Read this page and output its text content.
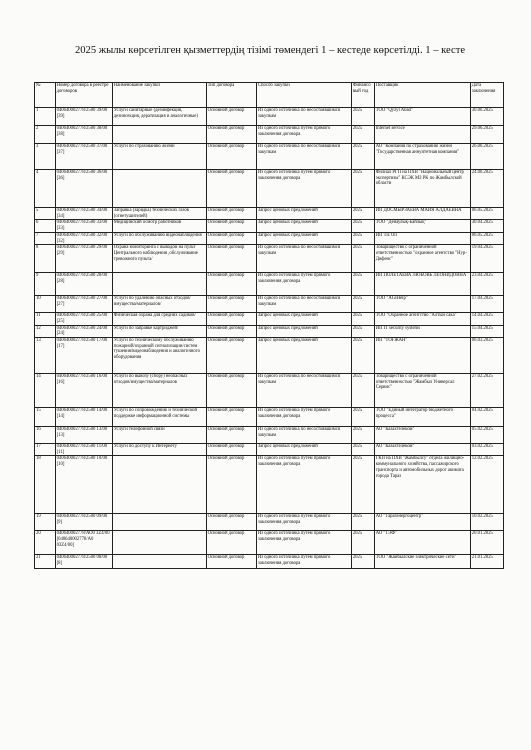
2025 жылы көрсетілген қызметтердің тізімі төмендегі 1 – кестеде көрсетілді. 1 – кесте
№	Номер договора в реестре договоров	Наименование закупки	Тип договора	Способ закупки	Финансовый год	Поставщик	Дата заключения
1	040640002778/2500 39/00 [39]	Услуги санитарные (дезинфекция, дезинсекция, дератизация и аналогичные)	Основной договор	Из одного источника по несостоявшимся закупкам	2025	ТОО "Qyzyl Abad"	30.06.2025
2	040640002778/2500 38/00 [38]		Основной договор	Из одного источника путем прямого заключения договора	2025	Internet service	29.06.2025
3	040640002778/2500 37/00 [37]	Услуги по страхованию жизни	Основной договор	Из одного источника по несостоявшимся закупкам	2025	АО "Компания по страхованию жизни "Государственная аннуитетная компания"	26.06.2025
4	040640002778/2500 36/00 [36]		Основной договор	Из одного источника путем прямого заключения договора	2025	Филиал РГП на ПХВ "Национальный центр экспертизы" КСЭК МЗ РК по Жамбылской области	24.06.2025
5	040640002778/2500 34/00 [34]	Заправка (зарядка) технических газов (огнетушителей)	Основной договор	Запрос ценовых предложений	2025	ИП ДОСМЫРЗАЕВА МАЙЯ АЛДАЕВНА	06.05.2025
6	040640002778/2500 33/00 [33]	Медицинский осмотр работников	Основной договор	Запрос ценовых предложений	2025	ТОО "Денаулық-Байлық"	30.04.2025
7	040640002778/2500 32/00 [32]	Услуги по обслуживанию видеонаблюдения	Основной договор	Запрос ценовых предложений	2025	ИП Tiz Oil	06.05.2025
8	040640002778/2500 29/00 [29]	Охрана мониторинга с выводом на пульт Центрального наблюдения ,обслуживание тревожного пульта/	Основной договор	Из одного источника по несостоявшимся закупкам	2025	Товарищество с ограниченной ответственностью "охранное агентство "Нур-Дифенс"	19.04.2025
9	040640002778/2500 28/00 [28]		Основной договор	Из одного источника путем прямого заключения договора	2025	ИП ПОЛЕТАЕВА ЛЮБОВЬ ЛЕОНИДОВНА	23.04.2025
10	040640002778/2500 27/00 [27]	Услуги по удалению опасных отходов/имущества/материалов/	Основной договор	Из одного источника по несостоявшимся закупкам	2025	ТОО "AGIHelp"	17.04.2025
11	040640002778/2500 25/00 [25]	Физическая охрана для средних садиков/	Основной договор	Запрос ценовых предложений	2025	ТОО "Охранное агентство "Алтын сака"	14.04.2025
12	040640002778/2500 24/00 [24]	Услуги по заправке картриджей/	Основной договор	Запрос ценовых предложений	2025	ИП IT security systems	15.04.2025
13	040640002778/2500 17/00 [17]	Услуги по техническому обслуживанию пожарной/охранной сигнализации/систем тушения/видеонаблюдения и аналогичного оборудования	Основной договор	Запрос ценовых предложений	2025	ИП "ТОҒЖАН"	06.03.2025
14	040640002778/2500 16/00 [16]	Услуги по вывозу (сбору) неопасных отходов/имущества/материалов	Основной договор	Из одного источника по несостоявшимся закупкам	2025	Товарищество с ограниченной ответственностью "Жамбыл Универсал Сервис"	27.02.2025
15	040640002778/2500 14/00 [14]	Услуги по сопровождению и технической поддержке информационной системы	Основной договор	Из одного источника путем прямого заключения договора	2025	ТОО "Единый интегратор бюджетного процесса"	04.02.2025
16	040640002778/2500 13/00 [13]	Услуги телефонной связи	Основной договор	Из одного источника по несостоявшимся закупкам	2025	АО "Казахтелеком"	05.02.2025
17	040640002778/2500 11/00 [11]	Услуги по доступу к Интернету	Основной договор	Запрос ценовых предложений	2025	АО "Казахтелеком"	03.02.2025
18	040640002778/2500 10/00 [10]		Основной договор	Из одного источника путем прямого заключения договора	2025	ГКП на ПХВ "Жамбылсу" отдела жилищно-коммунального хозяйства, пассажирского транспорта и автомобильных дорог акимата города Тараз	12.02.2025
19	040640002778/2500 09/00 [9]		Основной договор	Из одного источника путем прямого заключения договора	2025	АО "Таразэнергоцентр"	10.02.2025
20	040640002778/АО0 3Z4/00 [040640002778/А0 03Z4/00]		Основной договор	Из одного источника путем прямого заключения договора	2025	АО "ТЭФ"	20.01.2025
21	040640002778/2500 08/00 [8]		Основной договор	Из одного источника путем прямого заключения договора	2025	ТОО "Жамбылские электрические сети"	21.01.2025
